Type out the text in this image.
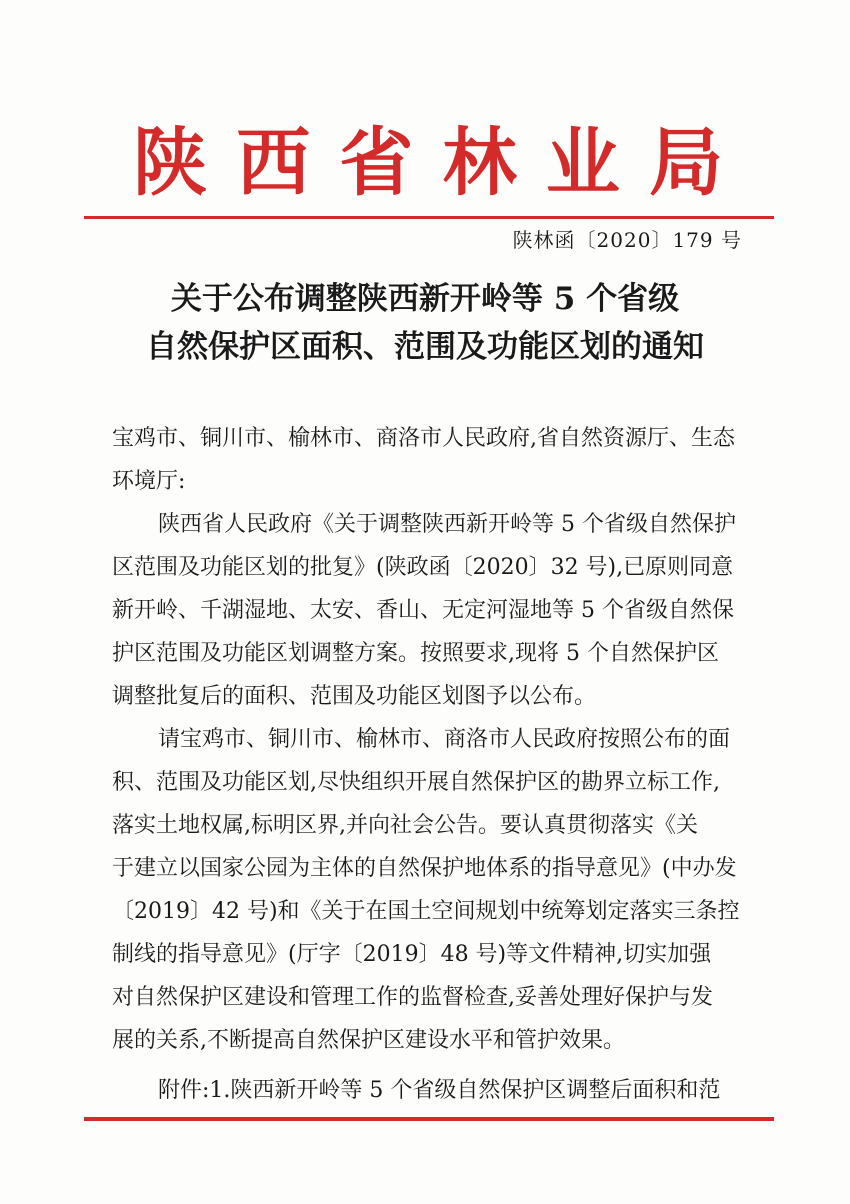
陕 西 省 林 业 局
陕林函〔2020〕179 号
关于公布调整陕西新开岭等 5 个省级
自然保护区面积、范围及功能区划的通知
宝鸡市、铜川市、榆林市、商洛市人民政府,省自然资源厅、生态
环境厅:
陕西省人民政府《关于调整陕西新开岭等 5 个省级自然保护
区范围及功能区划的批复》(陕政函〔2020〕32 号),已原则同意
新开岭、千湖湿地、太安、香山、无定河湿地等 5 个省级自然保
护区范围及功能区划调整方案。按照要求,现将 5 个自然保护区
调整批复后的面积、范围及功能区划图予以公布。
请宝鸡市、铜川市、榆林市、商洛市人民政府按照公布的面
积、范围及功能区划,尽快组织开展自然保护区的勘界立标工作,
落实土地权属,标明区界,并向社会公告。要认真贯彻落实《关
于建立以国家公园为主体的自然保护地体系的指导意见》(中办发
〔2019〕42 号)和《关于在国土空间规划中统筹划定落实三条控
制线的指导意见》(厅字〔2019〕48 号)等文件精神,切实加强
对自然保护区建设和管理工作的监督检查,妥善处理好保护与发
展的关系,不断提高自然保护区建设水平和管护效果。
附件:1.陕西新开岭等 5 个省级自然保护区调整后面积和范
